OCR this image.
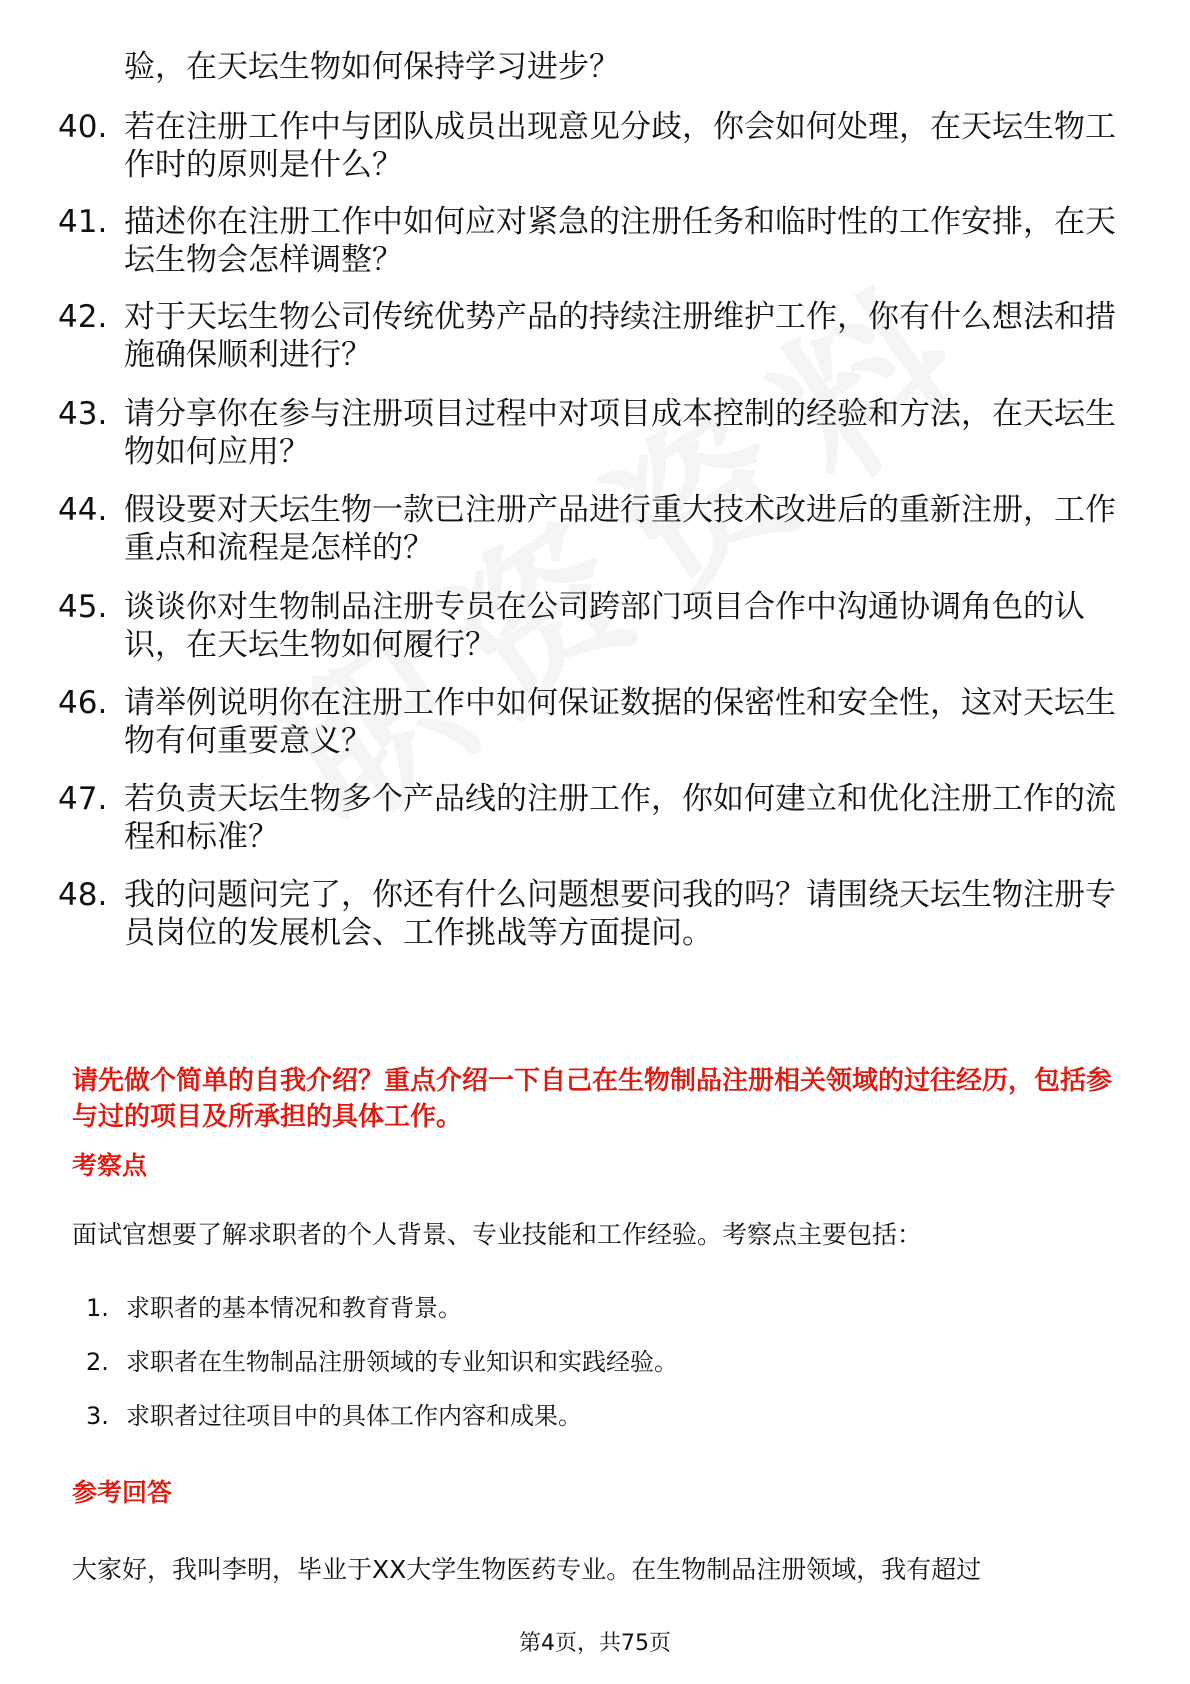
验，在天坛生物如何保持学习进步？
40. 若在注册工作中与团队成员出现意见分歧，你会如何处理，在天坛生物工作时的原则是什么？
41. 描述你在注册工作中如何应对紧急的注册任务和临时性的工作安排，在天坛生物会怎样调整？
42. 对于天坛生物公司传统优势产品的持续注册维护工作，你有什么想法和措施确保顺利进行？
43. 请分享你在参与注册项目过程中对项目成本控制的经验和方法，在天坛生物如何应用？
44. 假设要对天坛生物一款已注册产品进行重大技术改进后的重新注册，工作重点和流程是怎样的？
45. 谈谈你对生物制品注册专员在公司跨部门项目合作中沟通协调角色的认识，在天坛生物如何履行？
46. 请举例说明你在注册工作中如何保证数据的保密性和安全性，这对天坛生物有何重要意义？
47. 若负责天坛生物多个产品线的注册工作，你如何建立和优化注册工作的流程和标准？
48. 我的问题问完了，你还有什么问题想要问我的吗？请围绕天坛生物注册专员岗位的发展机会、工作挑战等方面提问。
请先做个简单的自我介绍？重点介绍一下自己在生物制品注册相关领域的过往经历，包括参与过的项目及所承担的具体工作。
考察点
面试官想要了解求职者的个人背景、专业技能和工作经验。考察点主要包括：
1. 求职者的基本情况和教育背景。
2. 求职者在生物制品注册领域的专业知识和实践经验。
3. 求职者过往项目中的具体工作内容和成果。
参考回答
大家好，我叫李明，毕业于XX大学生物医药专业。在生物制品注册领域，我有超过
第4页，共75页
